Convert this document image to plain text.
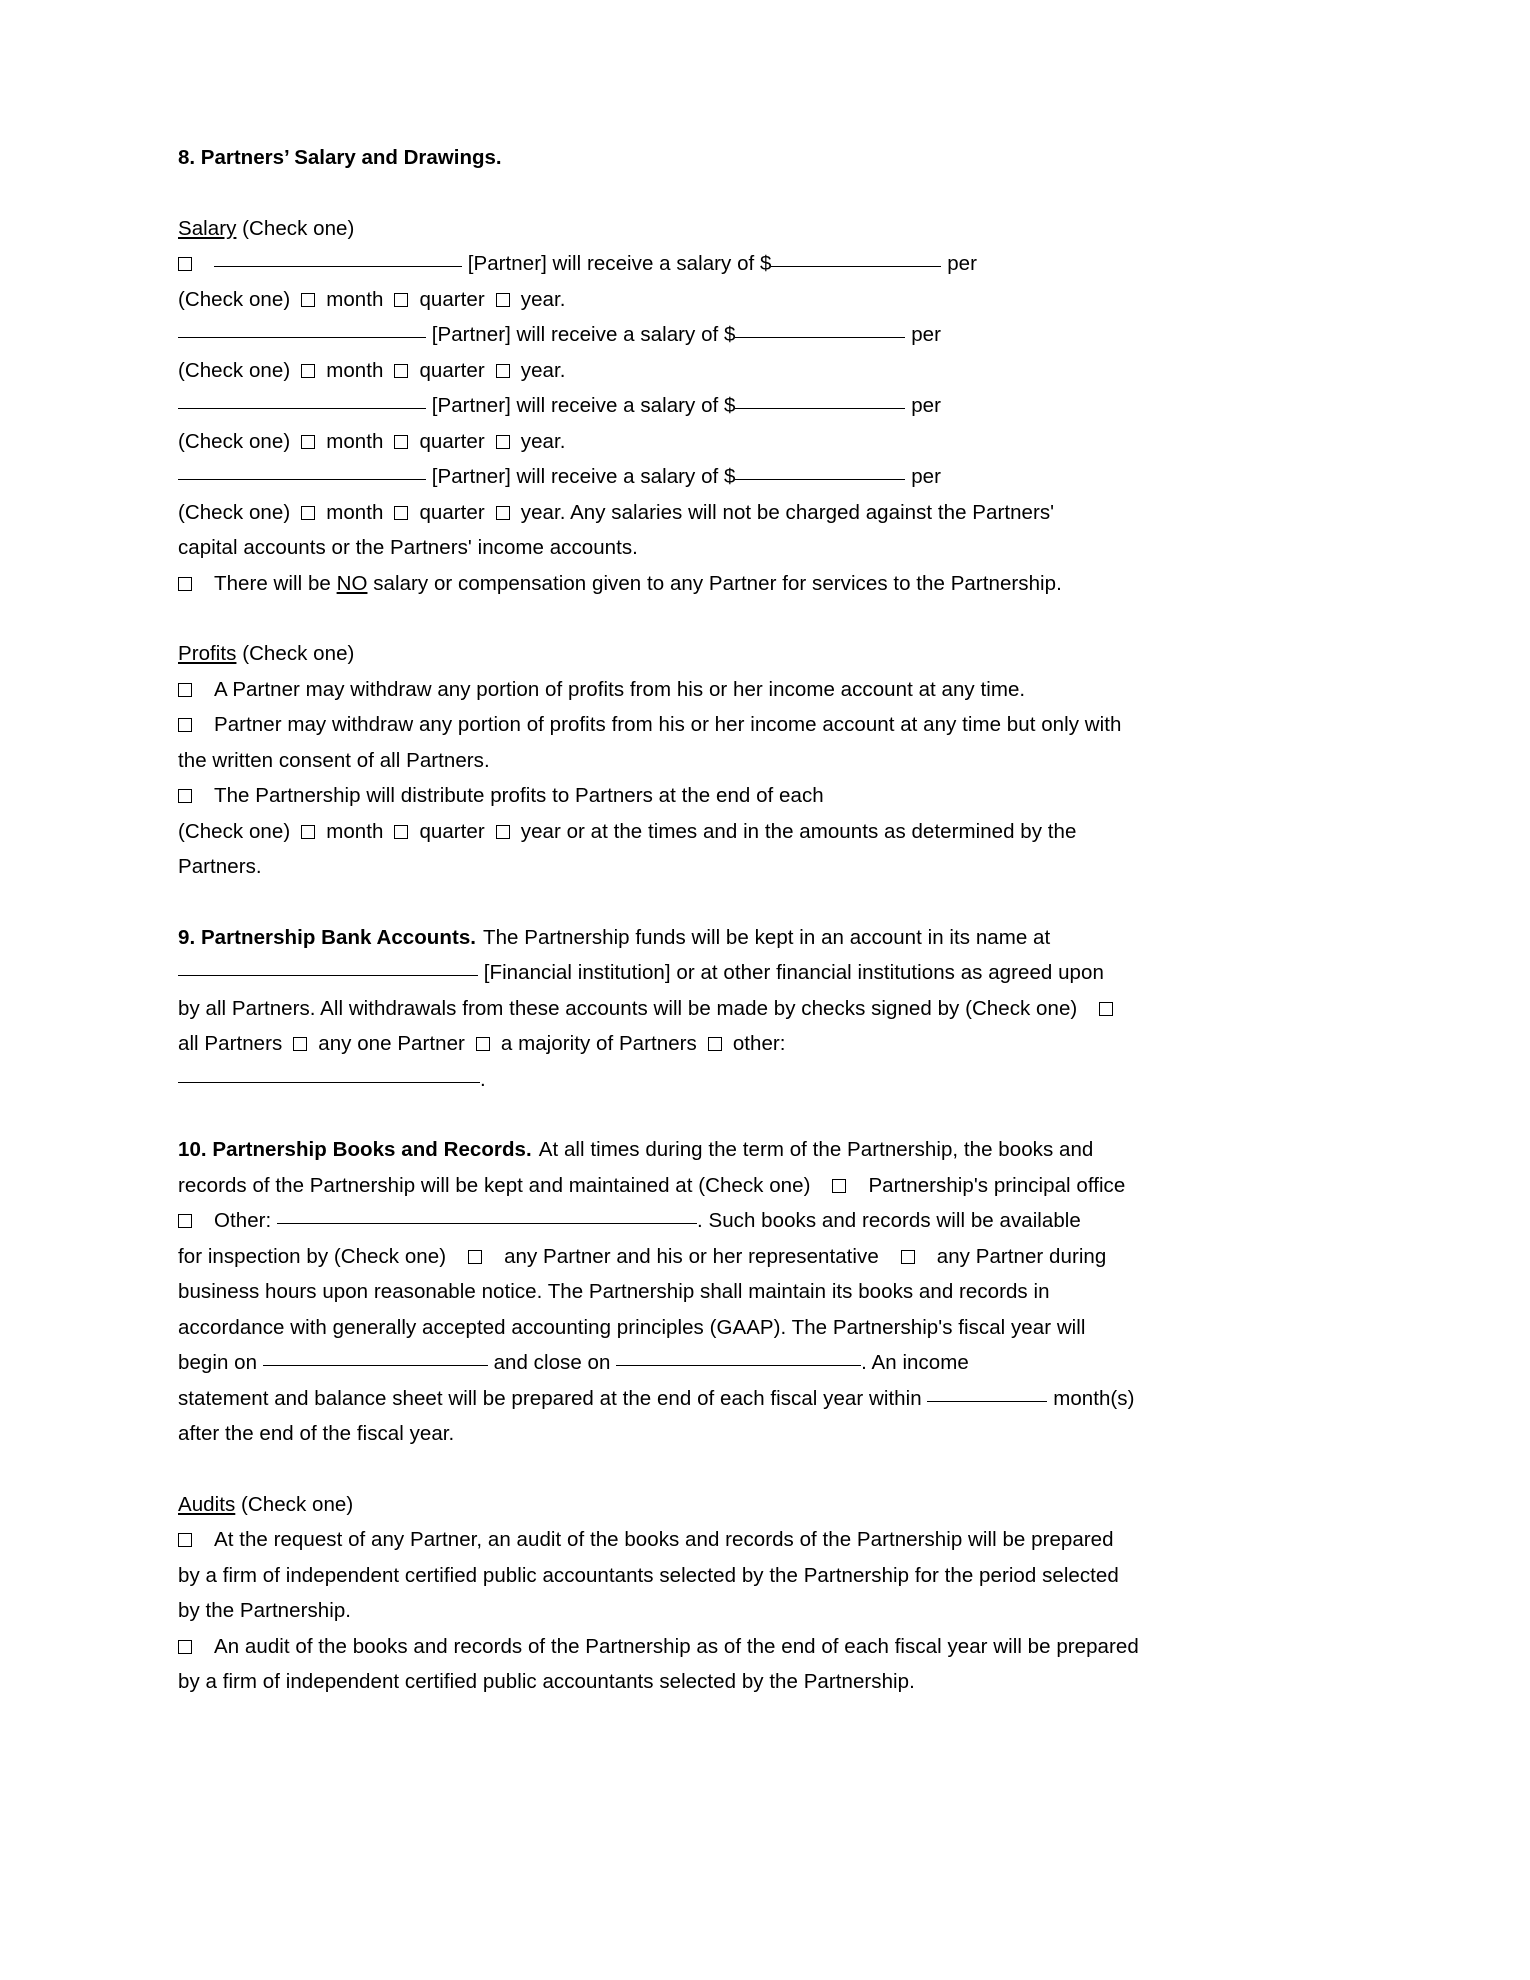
8. Partners’ Salary and Drawings.
Salary (Check one)
[Partner] will receive a salary of $	per
(Check one) month quarter year.
[Partner] will receive a salary of $	per
(Check one) month quarter year.
[Partner] will receive a salary of $	per
(Check one) month quarter year.
[Partner] will receive a salary of $	per
(Check one) month quarter year. Any salaries will not be charged against the Partners'
capital accounts or the Partners' income accounts.
There will be NO salary or compensation given to any Partner for services to the Partnership.
Profits (Check one)
A Partner may withdraw any portion of profits from his or her income account at any time.
Partner may withdraw any portion of profits from his or her income account at any time but only with
the written consent of all Partners.
The Partnership will distribute profits to Partners at the end of each
(Check one) month quarter year or at the times and in the amounts as determined by the
Partners.
9. Partnership Bank Accounts. The Partnership funds will be kept in an account in its name at
[Financial institution] or at other financial institutions as agreed upon
by all Partners. All withdrawals from these accounts will be made by checks signed by (Check one)
all Partners any one Partner a majority of Partners other:
.
10. Partnership Books and Records. At all times during the term of the Partnership, the books and
records of the Partnership will be kept and maintained at (Check one)	Partnership's principal office
Other:	. Such books and records will be available
for inspection by (Check one)	any Partner and his or her representative	any Partner during
business hours upon reasonable notice. The Partnership shall maintain its books and records in
accordance with generally accepted accounting principles (GAAP). The Partnership's fiscal year will
begin on	and close on	. An income
statement and balance sheet will be prepared at the end of each fiscal year within	month(s)
after the end of the fiscal year.
Audits (Check one)
At the request of any Partner, an audit of the books and records of the Partnership will be prepared
by a firm of independent certified public accountants selected by the Partnership for the period selected
by the Partnership.
An audit of the books and records of the Partnership as of the end of each fiscal year will be prepared
by a firm of independent certified public accountants selected by the Partnership.
